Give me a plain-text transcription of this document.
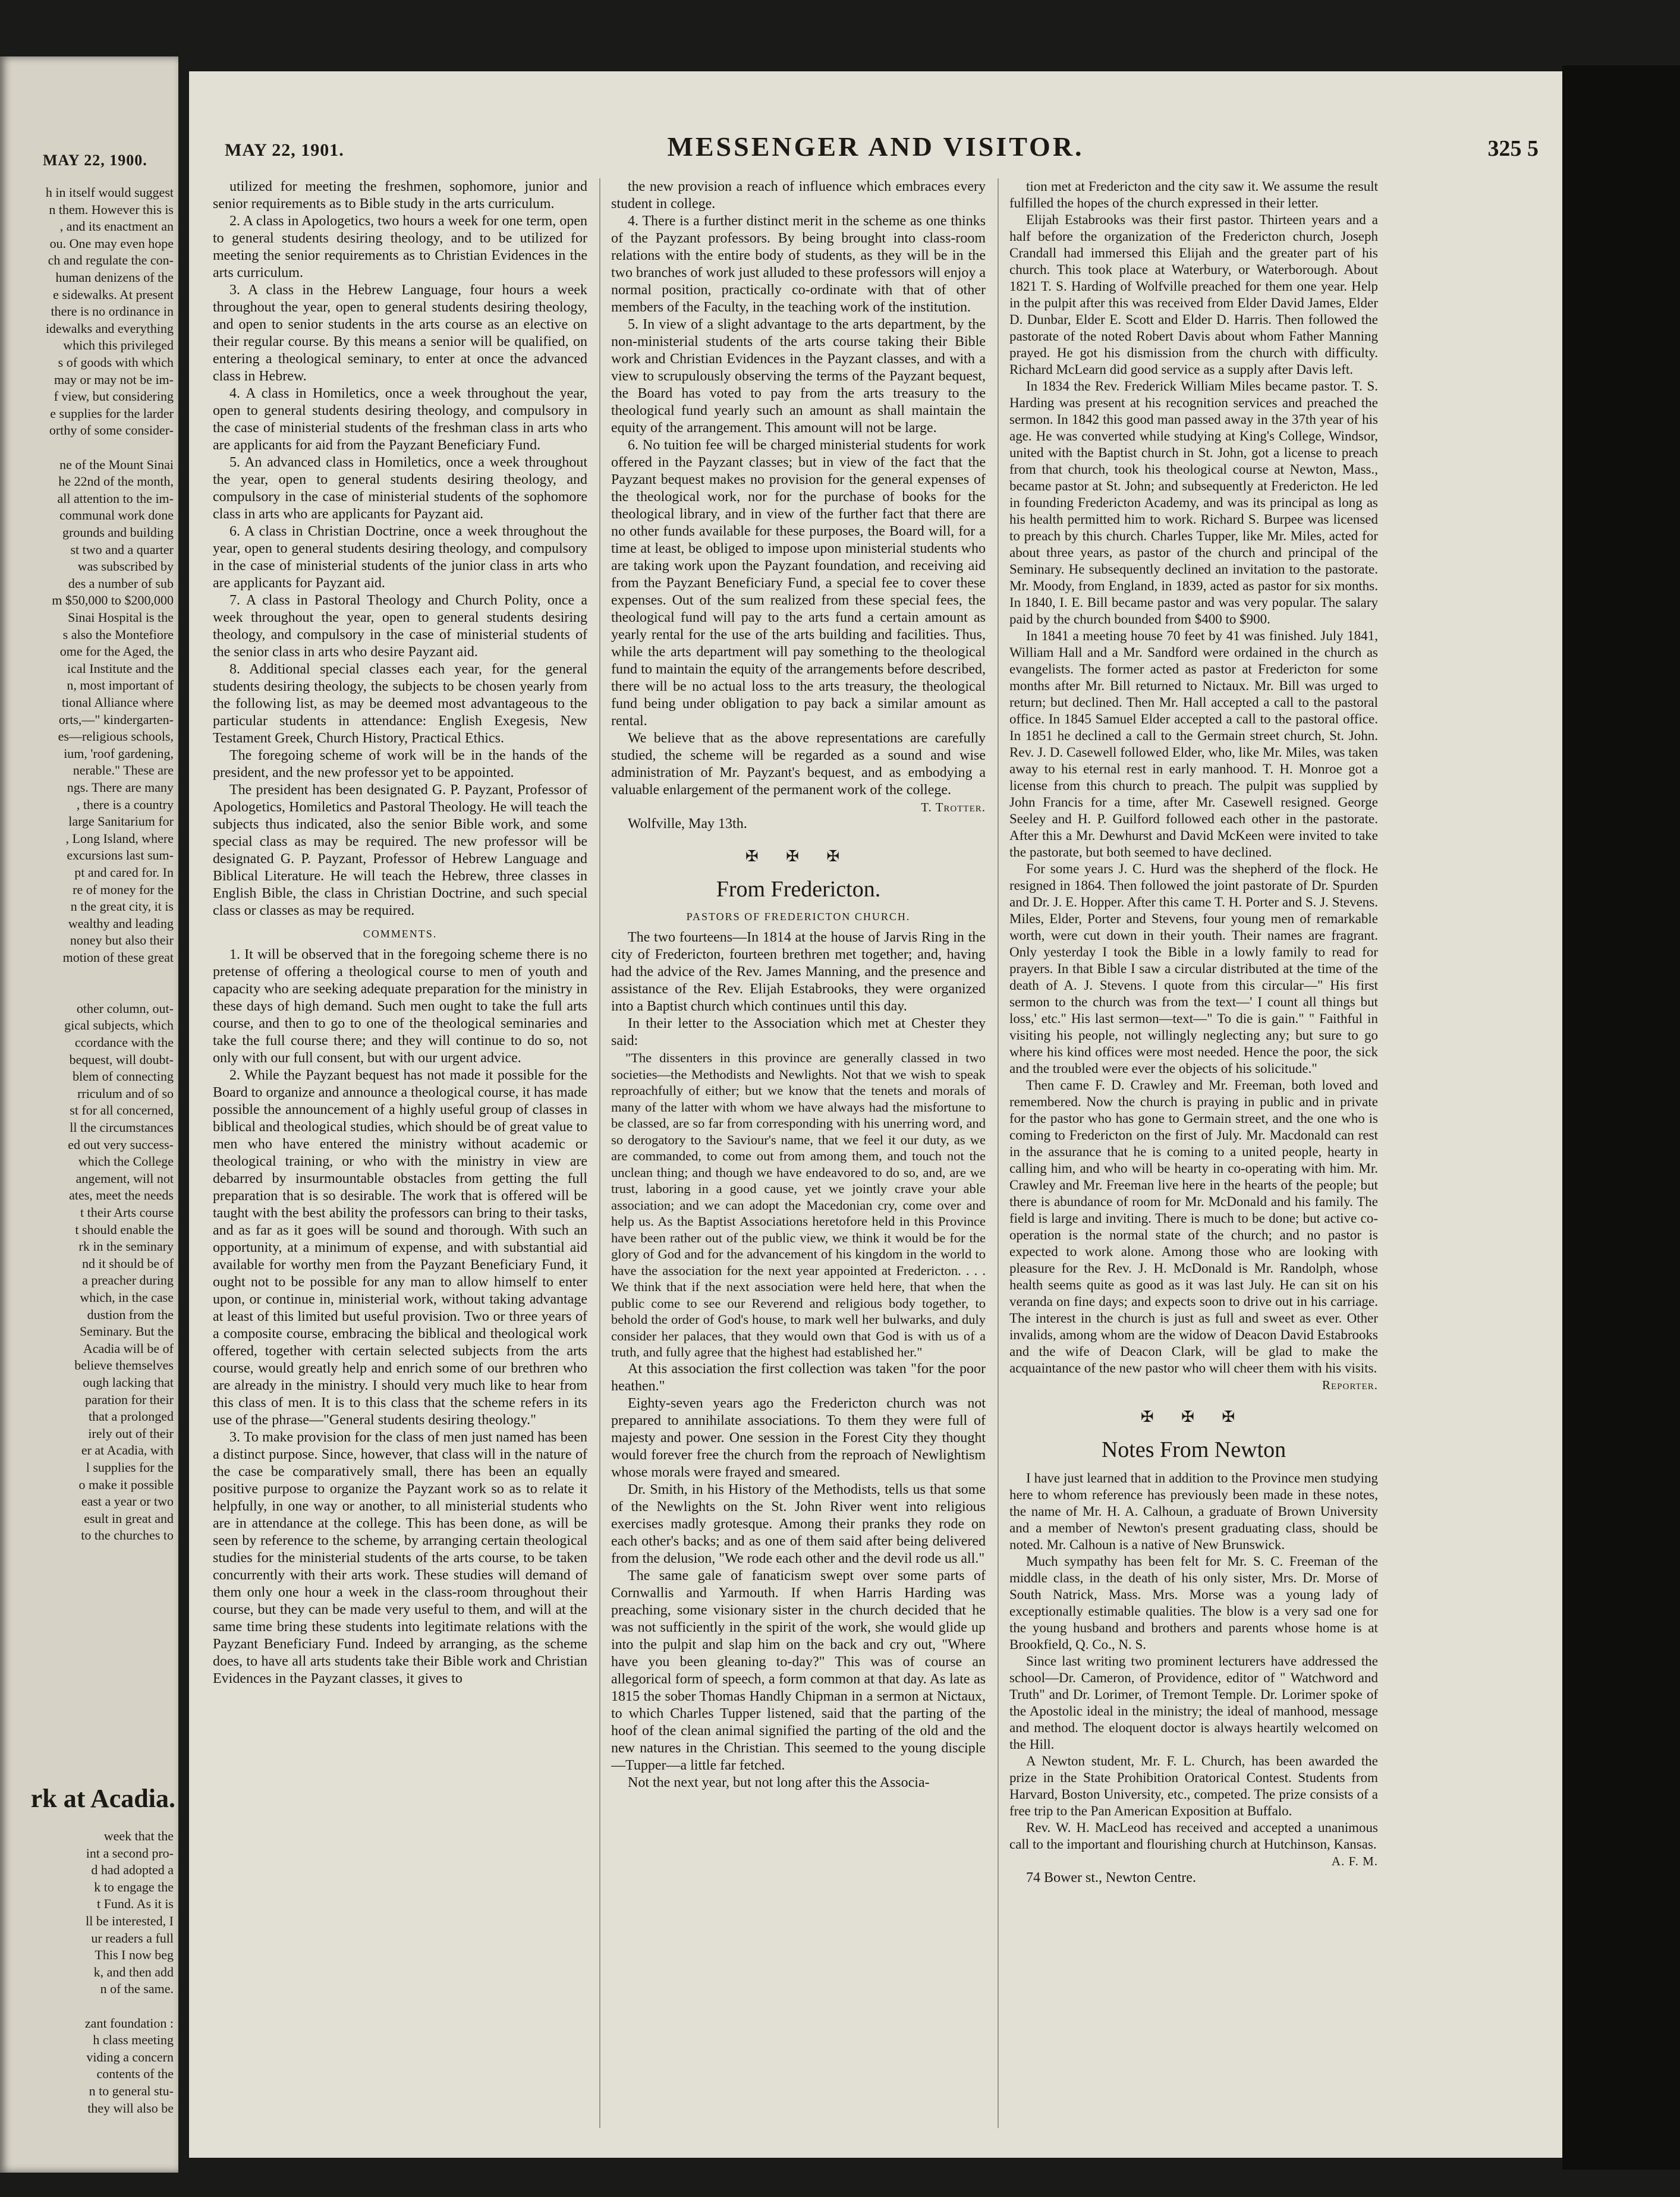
MAY 22, 1900.
h in itself would suggest
n them. However this is
, and its enactment an
ou. One may even hope
ch and regulate the con-
human denizens of the
e sidewalks. At present
there is no ordinance in
idewalks and everything
which this privileged
s of goods with which
may or may not be im-
f view, but considering
e supplies for the larder
orthy of some consider-
ne of the Mount Sinai
he 22nd of the month,
all attention to the im-
communal work done
grounds and building
st two and a quarter
was subscribed by
des a number of sub
m $50,000 to $200,000
Sinai Hospital is the
s also the Montefiore
ome for the Aged, the
ical Institute and the
n, most important of
tional Alliance where
orts,—" kindergarten-
es—religious schools,
ium, 'roof gardening,
nerable." These are
ngs. There are many
, there is a country
large Sanitarium for
, Long Island, where
excursions last sum-
pt and cared for. In
re of money for the
n the great city, it is
wealthy and leading
noney but also their
motion of these great
other column, out-
gical subjects, which
ccordance with the
bequest, will doubt-
blem of connecting
rriculum and of so
st for all concerned,
ll the circumstances
ed out very success-
which the College
angement, will not
ates, meet the needs
t their Arts course
t should enable the
rk in the seminary
nd it should be of
a preacher during
which, in the case
dustion from the
Seminary. But the
Acadia will be of
believe themselves
ough lacking that
paration for their
that a prolonged
irely out of their
er at Acadia, with
l supplies for the
o make it possible
east a year or two
esult in great and
to the churches to
rk at Acadia.
week that the
int a second pro-
d had adopted a
k to engage the
t Fund. As it is
ll be interested, I
ur readers a full
This I now beg
k, and then add
n of the same.
zant foundation :
h class meeting
viding a concern
contents of the
n to general stu-
they will also be
MAY 22, 1901.	MESSENGER AND VISITOR.	325 5

utilized for meeting the freshmen, sophomore, junior and senior requirements as to Bible study in the arts curriculum.

2. A class in Apologetics, two hours a week for one term, open to general students desiring theology, and to be utilized for meeting the senior requirements as to Christian Evidences in the arts curriculum.

3. A class in the Hebrew Language, four hours a week throughout the year, open to general students desiring theology, and open to senior students in the arts course as an elective on their regular course. By this means a senior will be qualified, on entering a theological seminary, to enter at once the advanced class in Hebrew.

4. A class in Homiletics, once a week throughout the year, open to general students desiring theology, and compulsory in the case of ministerial students of the freshman class in arts who are applicants for aid from the Payzant Beneficiary Fund.

5. An advanced class in Homiletics, once a week throughout the year, open to general students desiring theology, and compulsory in the case of ministerial students of the sophomore class in arts who are applicants for Payzant aid.

6. A class in Christian Doctrine, once a week throughout the year, open to general students desiring theology, and compulsory in the case of ministerial students of the junior class in arts who are applicants for Payzant aid.

7. A class in Pastoral Theology and Church Polity, once a week throughout the year, open to general students desiring theology, and compulsory in the case of ministerial students of the senior class in arts who desire Payzant aid.

8. Additional special classes each year, for the general students desiring theology, the subjects to be chosen yearly from the following list, as may be deemed most advantageous to the particular students in attendance: English Exegesis, New Testament Greek, Church History, Practical Ethics.

The foregoing scheme of work will be in the hands of the president, and the new professor yet to be appointed.

The president has been designated G. P. Payzant, Professor of Apologetics, Homiletics and Pastoral Theology. He will teach the subjects thus indicated, also the senior Bible work, and some special class as may be required. The new professor will be designated G. P. Payzant, Professor of Hebrew Language and Biblical Literature. He will teach the Hebrew, three classes in English Bible, the class in Christian Doctrine, and such special class or classes as may be required.

COMMENTS.

1. It will be observed that in the foregoing scheme there is no pretense of offering a theological course to men of youth and capacity who are seeking adequate preparation for the ministry in these days of high demand. Such men ought to take the full arts course, and then to go to one of the theological seminaries and take the full course there; and they will continue to do so, not only with our full consent, but with our urgent advice.

2. While the Payzant bequest has not made it possible for the Board to organize and announce a theological course, it has made possible the announcement of a highly useful group of classes in biblical and theological studies, which should be of great value to men who have entered the ministry without academic or theological training, or who with the ministry in view are debarred by insurmountable obstacles from getting the full preparation that is so desirable. The work that is offered will be taught with the best ability the professors can bring to their tasks, and as far as it goes will be sound and thorough. With such an opportunity, at a minimum of expense, and with substantial aid available for worthy men from the Payzant Beneficiary Fund, it ought not to be possible for any man to allow himself to enter upon, or continue in, ministerial work, without taking advantage at least of this limited but useful provision. Two or three years of a composite course, embracing the biblical and theological work offered, together with certain selected subjects from the arts course, would greatly help and enrich some of our brethren who are already in the ministry. I should very much like to hear from this class of men. It is to this class that the scheme refers in its use of the phrase—"General students desiring theology."

3. To make provision for the class of men just named has been a distinct purpose. Since, however, that class will in the nature of the case be comparatively small, there has been an equally positive purpose to organize the Payzant work so as to relate it helpfully, in one way or another, to all ministerial students who are in attendance at the college. This has been done, as will be seen by reference to the scheme, by arranging certain theological studies for the ministerial students of the arts course, to be taken concurrently with their arts work. These studies will demand of them only one hour a week in the class-room throughout their course, but they can be made very useful to them, and will at the same time bring these students into legitimate relations with the Payzant Beneficiary Fund. Indeed by arranging, as the scheme does, to have all arts students take their Bible work and Christian Evidences in the Payzant classes, it gives to

the new provision a reach of influence which embraces every student in college.

4. There is a further distinct merit in the scheme as one thinks of the Payzant professors. By being brought into class-room relations with the entire body of students, as they will be in the two branches of work just alluded to these professors will enjoy a normal position, practically co-ordinate with that of other members of the Faculty, in the teaching work of the institution.

5. In view of a slight advantage to the arts department, by the non-ministerial students of the arts course taking their Bible work and Christian Evidences in the Payzant classes, and with a view to scrupulously observing the terms of the Payzant bequest, the Board has voted to pay from the arts treasury to the theological fund yearly such an amount as shall maintain the equity of the arrangement. This amount will not be large.

6. No tuition fee will be charged ministerial students for work offered in the Payzant classes; but in view of the fact that the Payzant bequest makes no provision for the general expenses of the theological work, nor for the purchase of books for the theological library, and in view of the further fact that there are no other funds available for these purposes, the Board will, for a time at least, be obliged to impose upon ministerial students who are taking work upon the Payzant foundation, and receiving aid from the Payzant Beneficiary Fund, a special fee to cover these expenses. Out of the sum realized from these special fees, the theological fund will pay to the arts fund a certain amount as yearly rental for the use of the arts building and facilities. Thus, while the arts department will pay something to the theological fund to maintain the equity of the arrangements before described, there will be no actual loss to the arts treasury, the theological fund being under obligation to pay back a similar amount as rental.

We believe that as the above representations are carefully studied, the scheme will be regarded as a sound and wise administration of Mr. Payzant's bequest, and as embodying a valuable enlargement of the permanent work of the college.

T. Trotter.
Wolfville, May 13th.
✠ ✠ ✠
From Fredericton.
PASTORS OF FREDERICTON CHURCH.

The two fourteens—In 1814 at the house of Jarvis Ring in the city of Fredericton, fourteen brethren met together; and, having had the advice of the Rev. James Manning, and the presence and assistance of the Rev. Elijah Estabrooks, they were organized into a Baptist church which continues until this day.

In their letter to the Association which met at Chester they said:

"The dissenters in this province are generally classed in two societies—the Methodists and Newlights. Not that we wish to speak reproachfully of either; but we know that the tenets and morals of many of the latter with whom we have always had the misfortune to be classed, are so far from corresponding with his unerring word, and so derogatory to the Saviour's name, that we feel it our duty, as we are commanded, to come out from among them, and touch not the unclean thing; and though we have endeavored to do so, and, are we trust, laboring in a good cause, yet we jointly crave your able association; and we can adopt the Macedonian cry, come over and help us. As the Baptist Associations heretofore held in this Province have been rather out of the public view, we think it would be for the glory of God and for the advancement of his kingdom in the world to have the association for the next year appointed at Fredericton. . . . We think that if the next association were held here, that when the public come to see our Reverend and religious body together, to behold the order of God's house, to mark well her bulwarks, and duly consider her palaces, that they would own that God is with us of a truth, and fully agree that the highest had established her."

At this association the first collection was taken "for the poor heathen."

Eighty-seven years ago the Fredericton church was not prepared to annihilate associations. To them they were full of majesty and power. One session in the Forest City they thought would forever free the church from the reproach of Newlightism whose morals were frayed and smeared.

Dr. Smith, in his History of the Methodists, tells us that some of the Newlights on the St. John River went into religious exercises madly grotesque. Among their pranks they rode on each other's backs; and as one of them said after being delivered from the delusion, "We rode each other and the devil rode us all."

The same gale of fanaticism swept over some parts of Cornwallis and Yarmouth. If when Harris Harding was preaching, some visionary sister in the church decided that he was not sufficiently in the spirit of the work, she would glide up into the pulpit and slap him on the back and cry out, "Where have you been gleaning to-day?" This was of course an allegorical form of speech, a form common at that day. As late as 1815 the sober Thomas Handly Chipman in a sermon at Nictaux, to which Charles Tupper listened, said that the parting of the hoof of the clean animal signified the parting of the old and the new natures in the Christian. This seemed to the young disciple—Tupper—a little far fetched.

Not the next year, but not long after this the Associa-

tion met at Fredericton and the city saw it. We assume the result fulfilled the hopes of the church expressed in their letter.

Elijah Estabrooks was their first pastor. Thirteen years and a half before the organization of the Fredericton church, Joseph Crandall had immersed this Elijah and the greater part of his church. This took place at Waterbury, or Waterborough. About 1821 T. S. Harding of Wolfville preached for them one year. Help in the pulpit after this was received from Elder David James, Elder D. Dunbar, Elder E. Scott and Elder D. Harris. Then followed the pastorate of the noted Robert Davis about whom Father Manning prayed. He got his dismission from the church with difficulty. Richard McLearn did good service as a supply after Davis left.

In 1834 the Rev. Frederick William Miles became pastor. T. S. Harding was present at his recognition services and preached the sermon. In 1842 this good man passed away in the 37th year of his age. He was converted while studying at King's College, Windsor, united with the Baptist church in St. John, got a license to preach from that church, took his theological course at Newton, Mass., became pastor at St. John; and subsequently at Fredericton. He led in founding Fredericton Academy, and was its principal as long as his health permitted him to work. Richard S. Burpee was licensed to preach by this church. Charles Tupper, like Mr. Miles, acted for about three years, as pastor of the church and principal of the Seminary. He subsequently declined an invitation to the pastorate. Mr. Moody, from England, in 1839, acted as pastor for six months. In 1840, I. E. Bill became pastor and was very popular. The salary paid by the church bounded from $400 to $900.

In 1841 a meeting house 70 feet by 41 was finished. July 1841, William Hall and a Mr. Sandford were ordained in the church as evangelists. The former acted as pastor at Fredericton for some months after Mr. Bill returned to Nictaux. Mr. Bill was urged to return; but declined. Then Mr. Hall accepted a call to the pastoral office. In 1845 Samuel Elder accepted a call to the pastoral office. In 1851 he declined a call to the Germain street church, St. John. Rev. J. D. Casewell followed Elder, who, like Mr. Miles, was taken away to his eternal rest in early manhood. T. H. Monroe got a license from this church to preach. The pulpit was supplied by John Francis for a time, after Mr. Casewell resigned. George Seeley and H. P. Guilford followed each other in the pastorate. After this a Mr. Dewhurst and David McKeen were invited to take the pastorate, but both seemed to have declined.

For some years J. C. Hurd was the shepherd of the flock. He resigned in 1864. Then followed the joint pastorate of Dr. Spurden and Dr. J. E. Hopper. After this came T. H. Porter and S. J. Stevens. Miles, Elder, Porter and Stevens, four young men of remarkable worth, were cut down in their youth. Their names are fragrant. Only yesterday I took the Bible in a lowly family to read for prayers. In that Bible I saw a circular distributed at the time of the death of A. J. Stevens. I quote from this circular—" His first sermon to the church was from the text—' I count all things but loss,' etc." His last sermon—text—" To die is gain." " Faithful in visiting his people, not willingly neglecting any; but sure to go where his kind offices were most needed. Hence the poor, the sick and the troubled were ever the objects of his solicitude."

Then came F. D. Crawley and Mr. Freeman, both loved and remembered. Now the church is praying in public and in private for the pastor who has gone to Germain street, and the one who is coming to Fredericton on the first of July. Mr. Macdonald can rest in the assurance that he is coming to a united people, hearty in calling him, and who will be hearty in co-operating with him. Mr. Crawley and Mr. Freeman live here in the hearts of the people; but there is abundance of room for Mr. McDonald and his family. The field is large and inviting. There is much to be done; but active co-operation is the normal state of the church; and no pastor is expected to work alone. Among those who are looking with pleasure for the Rev. J. H. McDonald is Mr. Randolph, whose health seems quite as good as it was last July. He can sit on his veranda on fine days; and expects soon to drive out in his carriage. The interest in the church is just as full and sweet as ever. Other invalids, among whom are the widow of Deacon David Estabrooks and the wife of Deacon Clark, will be glad to make the acquaintance of the new pastor who will cheer them with his visits.

Reporter.
✠ ✠ ✠
Notes From Newton

I have just learned that in addition to the Province men studying here to whom reference has previously been made in these notes, the name of Mr. H. A. Calhoun, a graduate of Brown University and a member of Newton's present graduating class, should be noted. Mr. Calhoun is a native of New Brunswick.

Much sympathy has been felt for Mr. S. C. Freeman of the middle class, in the death of his only sister, Mrs. Dr. Morse of South Natrick, Mass. Mrs. Morse was a young lady of exceptionally estimable qualities. The blow is a very sad one for the young husband and brothers and parents whose home is at Brookfield, Q. Co., N. S.

Since last writing two prominent lecturers have addressed the school—Dr. Cameron, of Providence, editor of " Watchword and Truth" and Dr. Lorimer, of Tremont Temple. Dr. Lorimer spoke of the Apostolic ideal in the ministry; the ideal of manhood, message and method. The eloquent doctor is always heartily welcomed on the Hill.

A Newton student, Mr. F. L. Church, has been awarded the prize in the State Prohibition Oratorical Contest. Students from Harvard, Boston University, etc., competed. The prize consists of a free trip to the Pan American Exposition at Buffalo.

Rev. W. H. MacLeod has received and accepted a unanimous call to the important and flourishing church at Hutchinson, Kansas.

A. F. M.
74 Bower st., Newton Centre.
